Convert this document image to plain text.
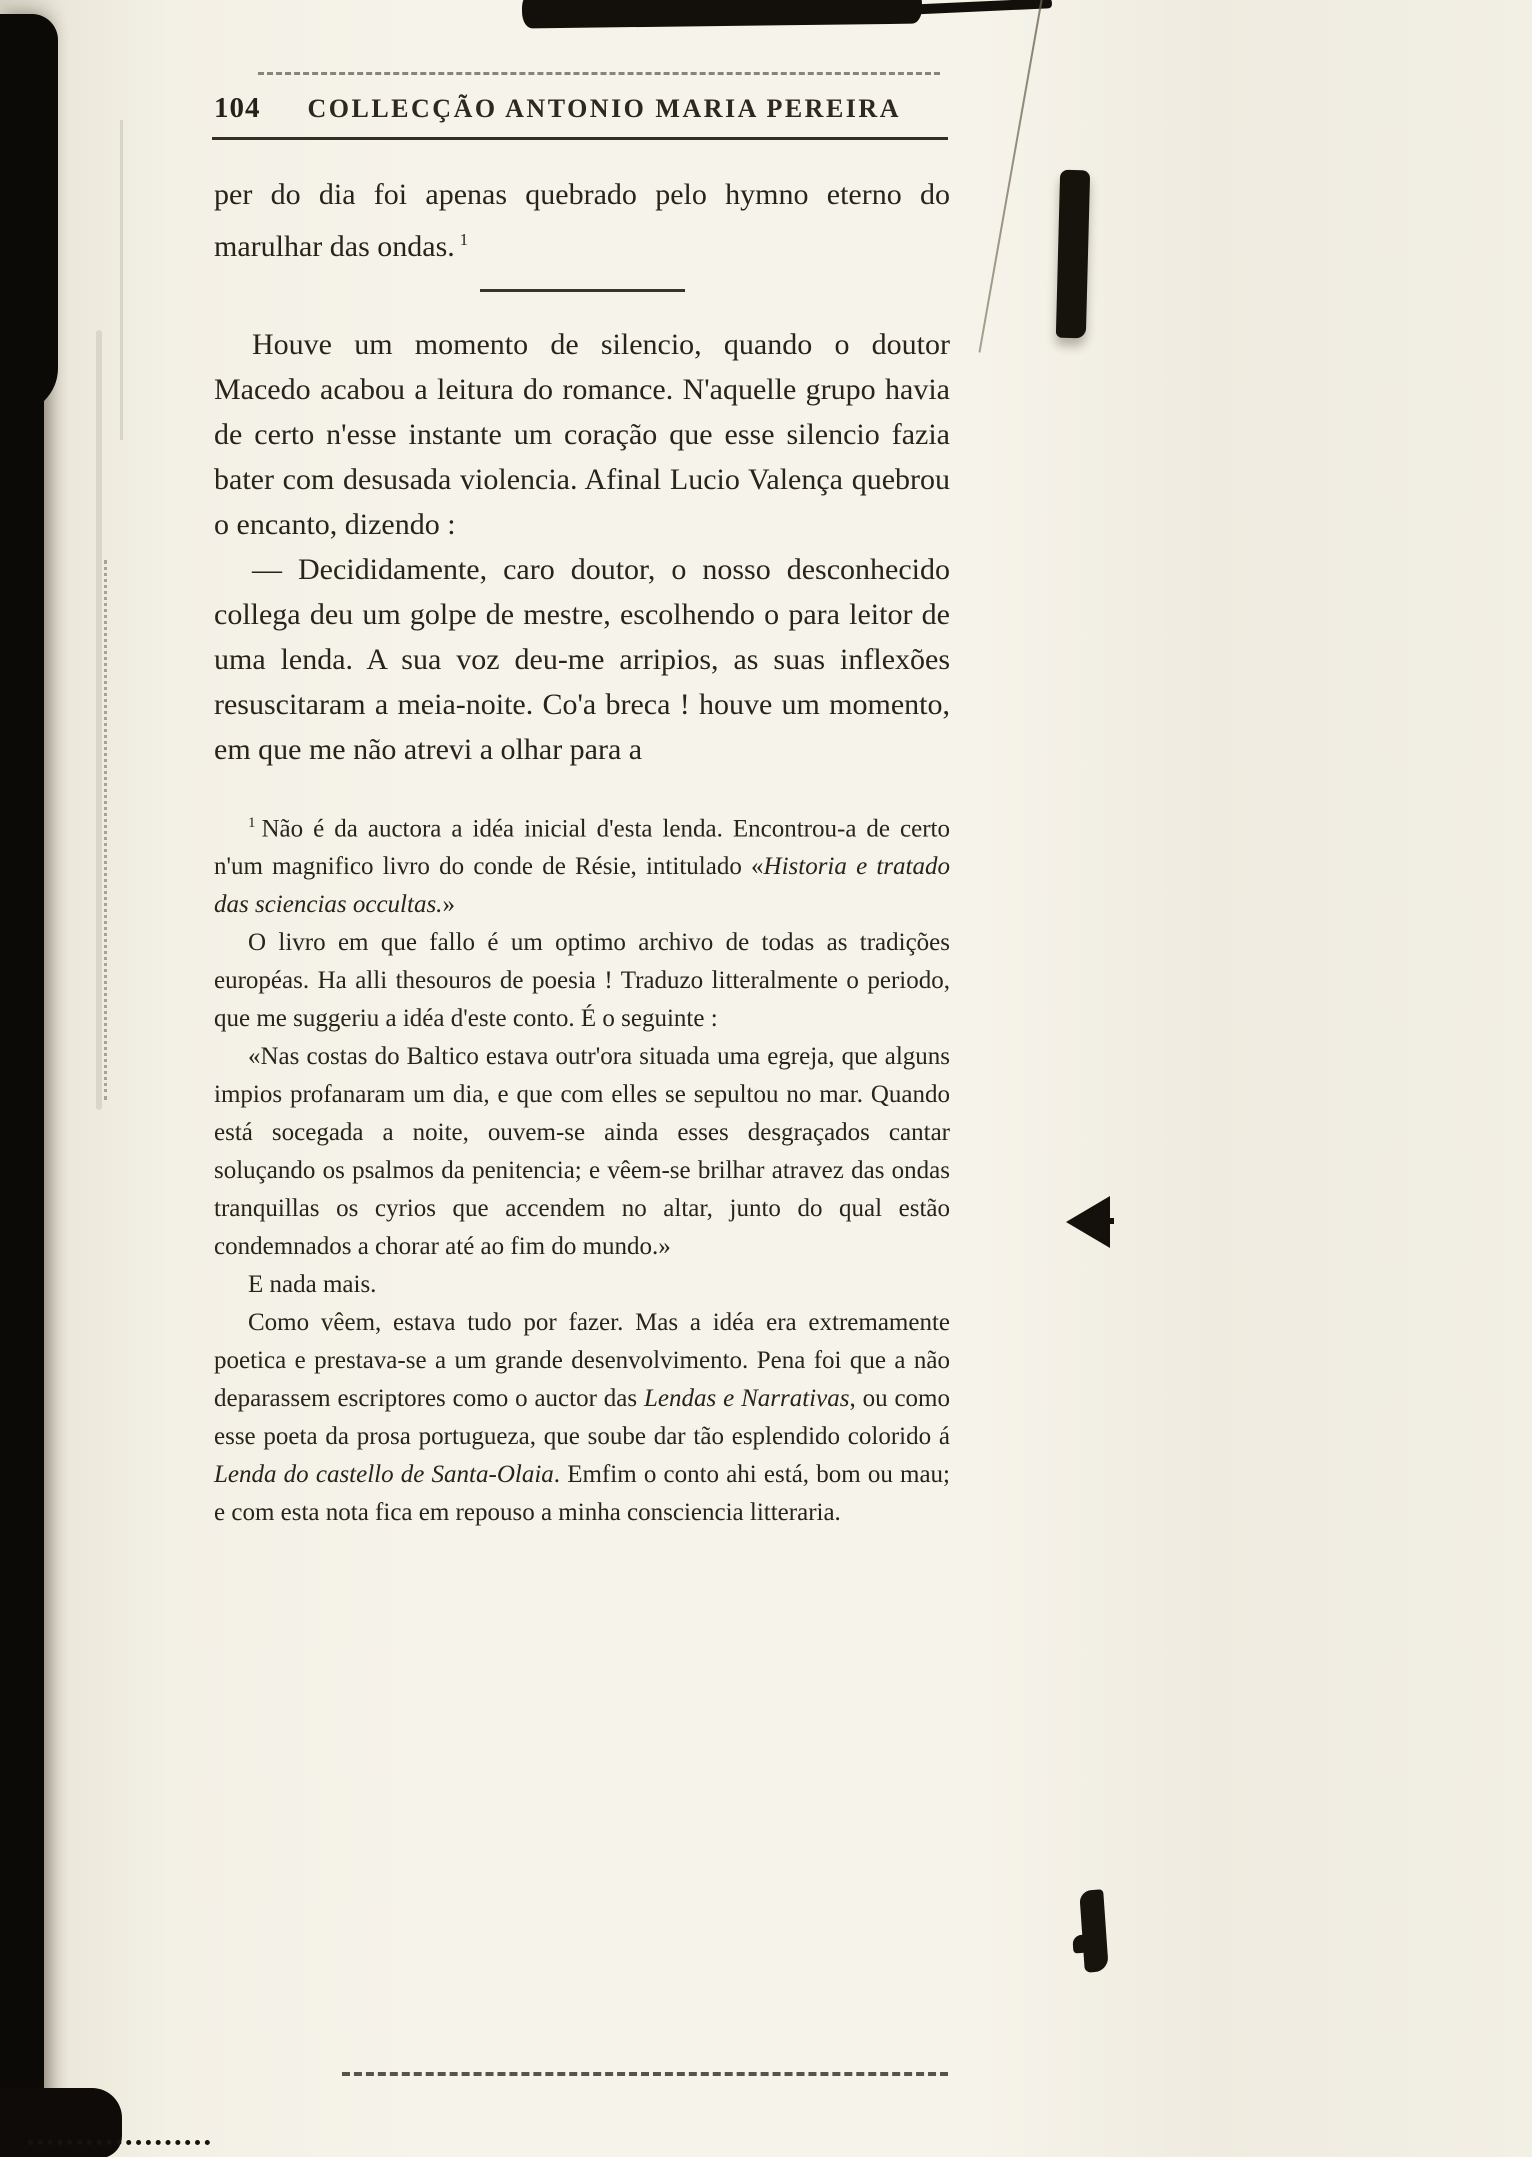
104	COLLECÇÃO ANTONIO MARIA PEREIRA

per do dia foi apenas quebrado pelo hymno eterno do marulhar das ondas. $^1$

Houve um momento de silencio, quando o doutor Macedo acabou a leitura do romance. N'aquelle grupo havia de certo n'esse instante um coração que esse silencio fazia bater com desusada violencia. Afinal Lucio Valença quebrou o encanto, dizendo :

— Decididamente, caro doutor, o nosso desconhecido collega deu um golpe de mestre, escolhendo o para leitor de uma lenda. A sua voz deu-me arripios, as suas inflexões resuscitaram a meia-noite. Co'a breca ! houve um momento, em que me não atrevi a olhar para a

$^1$ Não é da auctora a idéa inicial d'esta lenda. Encontrou-a de certo n'um magnifico livro do conde de Résie, intitulado «Historia e tratado das sciencias occultas.»

O livro em que fallo é um optimo archivo de todas as tradições européas. Ha alli thesouros de poesia ! Traduzo litteralmente o periodo, que me suggeriu a idéa d'este conto. É o seguinte :

«Nas costas do Baltico estava outr'ora situada uma egreja, que alguns impios profanaram um dia, e que com elles se sepultou no mar. Quando está socegada a noite, ouvem-se ainda esses desgraçados cantar soluçando os psalmos da penitencia; e vêem-se brilhar atravez das ondas tranquillas os cyrios que accendem no altar, junto do qual estão condemnados a chorar até ao fim do mundo.»

E nada mais.

Como vêem, estava tudo por fazer. Mas a idéa era extremamente poetica e prestava-se a um grande desenvolvimento. Pena foi que a não deparassem escriptores como o auctor das Lendas e Narrativas, ou como esse poeta da prosa portugueza, que soube dar tão esplendido colorido á Lenda do castello de Santa-Olaia. Emfim o conto ahi está, bom ou mau; e com esta nota fica em repouso a minha consciencia litteraria.
